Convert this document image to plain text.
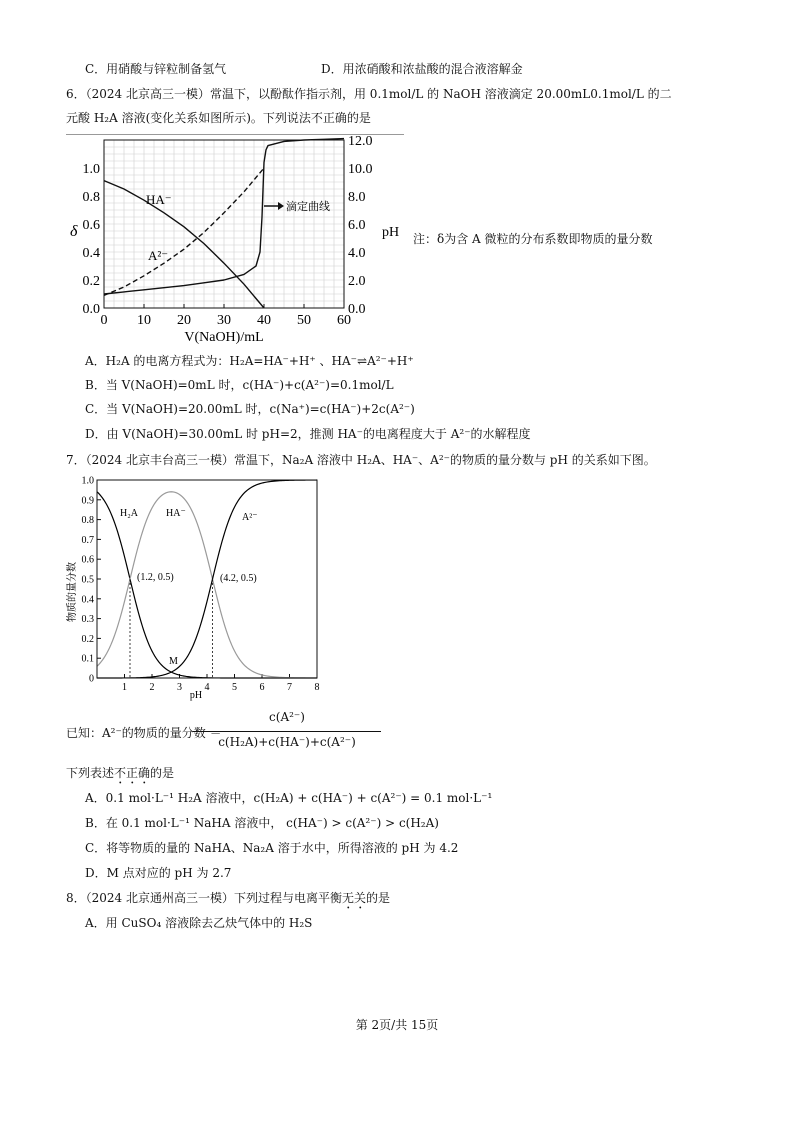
C．用硝酸与锌粒制备氢气	D．用浓硝酸和浓盐酸的混合液溶解金
6．（2024 北京高三一模）常温下，以酚酞作指示剂，用 0.1mol/L 的 NaOH 溶液滴定 20.00mL0.1mol/L 的二
元酸 H₂A 溶液(变化关系如图所示)。下列说法不正确的是
0 10 20 30 40 50 60
0.0
0.2
0.4
0.6
0.8
1.0
0.0
2.0
4.0
6.0
8.0
10.0
12.0
δ	pH
V(NaOH)/mL
HA⁻
A²⁻
滴定曲线
注：δ为含 A 微粒的分布系数即物质的量分数
A．H₂A 的电离方程式为：H₂A=HA⁻+H⁺ 、HA⁻⇌A²⁻+H⁺
B．当 V(NaOH)=0mL 时，c(HA⁻)+c(A²⁻)=0.1mol/L
C．当 V(NaOH)=20.00mL 时，c(Na⁺)=c(HA⁻)+2c(A²⁻)
D．由 V(NaOH)=30.00mL 时 pH=2，推测 HA⁻的电离程度大于 A²⁻的水解程度
7．（2024 北京丰台高三一模）常温下，Na₂A 溶液中 H₂A、HA⁻、A²⁻的物质的量分数与 pH 的关系如下图。
1 2 3 4 5 6 7 8
0
0.1
0.2
0.3
0.4
0.5
0.6
0.7
0.8
0.9
1.0
物质的量分数
pH
H₂A	HA⁻	A²⁻
(1.2, 0.5)	(4.2, 0.5)
M
已知：A²⁻的物质的量分数 ＝
c(A²⁻)
c(H₂A)+c(HA⁻)+c(A²⁻)
下列表述不正确的是
A．0.1 mol·L⁻¹ H₂A 溶液中，c(H₂A) + c(HA⁻) + c(A²⁻) = 0.1 mol·L⁻¹
B．在 0.1 mol·L⁻¹ NaHA 溶液中， c(HA⁻) > c(A²⁻) > c(H₂A)
C．将等物质的量的 NaHA、Na₂A 溶于水中，所得溶液的 pH 为 4.2
D．M 点对应的 pH 为 2.7
8．（2024 北京通州高三一模）下列过程与电离平衡无关的是
A．用 CuSO₄ 溶液除去乙炔气体中的 H₂S
第 2页/共 15页
